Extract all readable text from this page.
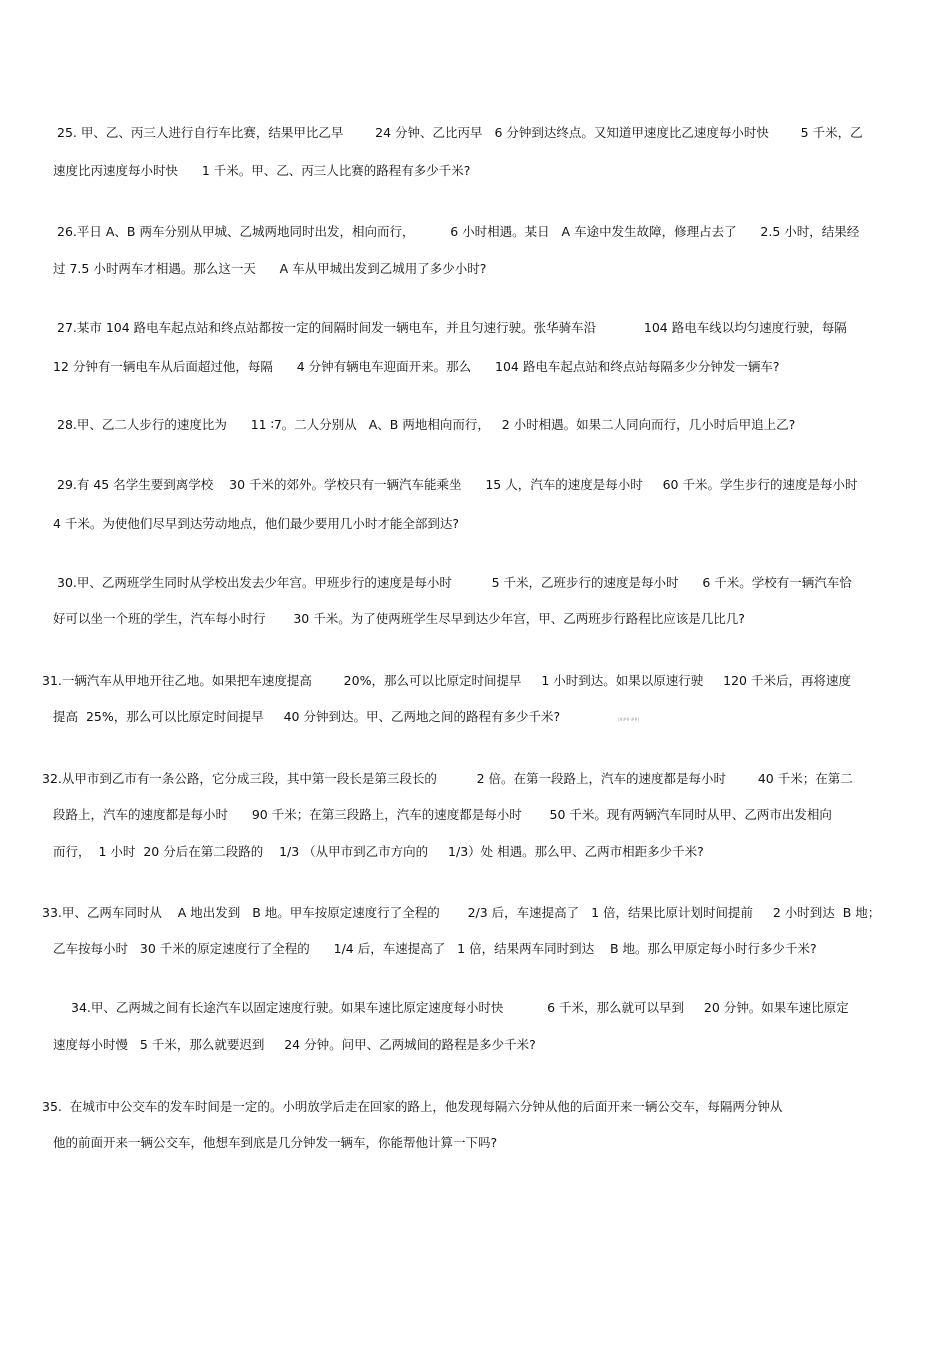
25. 甲、乙、丙三人进行自行车比赛，结果甲比乙早        24 分钟、乙比丙早   6 分钟到达终点。又知道甲速度比乙速度每小时快        5 千米，乙
速度比丙速度每小时快      1 千米。甲、乙、丙三人比赛的路程有多少千米?
26.平日 A、B 两车分别从甲城、乙城两地同时出发，相向而行，         6 小时相遇。某日   A 车途中发生故障，修理占去了      2.5 小时，结果经
过 7.5 小时两车才相遇。那么这一天      A 车从甲城出发到乙城用了多少小时?
27.某市 104 路电车起点站和终点站都按一定的间隔时间发一辆电车，并且匀速行驶。张华骑车沿            104 路电车线以均匀速度行驶，每隔
12 分钟有一辆电车从后面超过他，每隔      4 分钟有辆电车迎面开来。那么      104 路电车起点站和终点站每隔多少分钟发一辆车?
28.甲、乙二人步行的速度比为      11 ∶7。二人分别从   A、B 两地相向而行，   2 小时相遇。如果二人同向而行，几小时后甲追上乙?
29.有 45 名学生要到离学校    30 千米的郊外。学校只有一辆汽车能乘坐      15 人，汽车的速度是每小时     60 千米。学生步行的速度是每小时
4 千米。为使他们尽早到达劳动地点，他们最少要用几小时才能全部到达?
30.甲、乙两班学生同时从学校出发去少年宫。甲班步行的速度是每小时          5 千米，乙班步行的速度是每小时      6 千米。学校有一辆汽车恰
好可以坐一个班的学生，汽车每小时行       30 千米。为了使两班学生尽早到达少年宫，甲、乙两班步行路程比应该是几比几?
31.一辆汽车从甲地开往乙地。如果把车速度提高        20%，那么可以比原定时间提早     1 小时到达。如果以原速行驶     120 千米后，再将速度
提高  25%，那么可以比原定时间提早     40 分钟到达。甲、乙两地之间的路程有多少千米?	[###·##]
32.从甲市到乙市有一条公路，它分成三段，其中第一段长是第三段长的          2 倍。在第一段路上，汽车的速度都是每小时        40 千米；在第二
段路上，汽车的速度都是每小时      90 千米；在第三段路上，汽车的速度都是每小时       50 千米。现有两辆汽车同时从甲、乙两市出发相向
而行，  1 小时  20 分后在第二段路的    1/3 （从甲市到乙市方向的     1/3）处 相遇。那么甲、乙两市相距多少千米?
33.甲、乙两车同时从    A 地出发到   B 地。甲车按原定速度行了全程的       2/3 后，车速提高了   1 倍，结果比原计划时间提前     2 小时到达  B 地；
乙车按每小时   30 千米的原定速度行了全程的      1/4 后，车速提高了   1 倍，结果两车同时到达    B 地。那么甲原定每小时行多少千米?
34.甲、乙两城之间有长途汽车以固定速度行驶。如果车速比原定速度每小时快           6 千米，那么就可以早到     20 分钟。如果车速比原定
速度每小时慢   5 千米，那么就要迟到     24 分钟。问甲、乙两城间的路程是多少千米?
35.  在城市中公交车的发车时间是一定的。小明放学后走在回家的路上，他发现每隔六分钟从他的后面开来一辆公交车，每隔两分钟从
他的前面开来一辆公交车，他想车到底是几分钟发一辆车，你能帮他计算一下吗?
